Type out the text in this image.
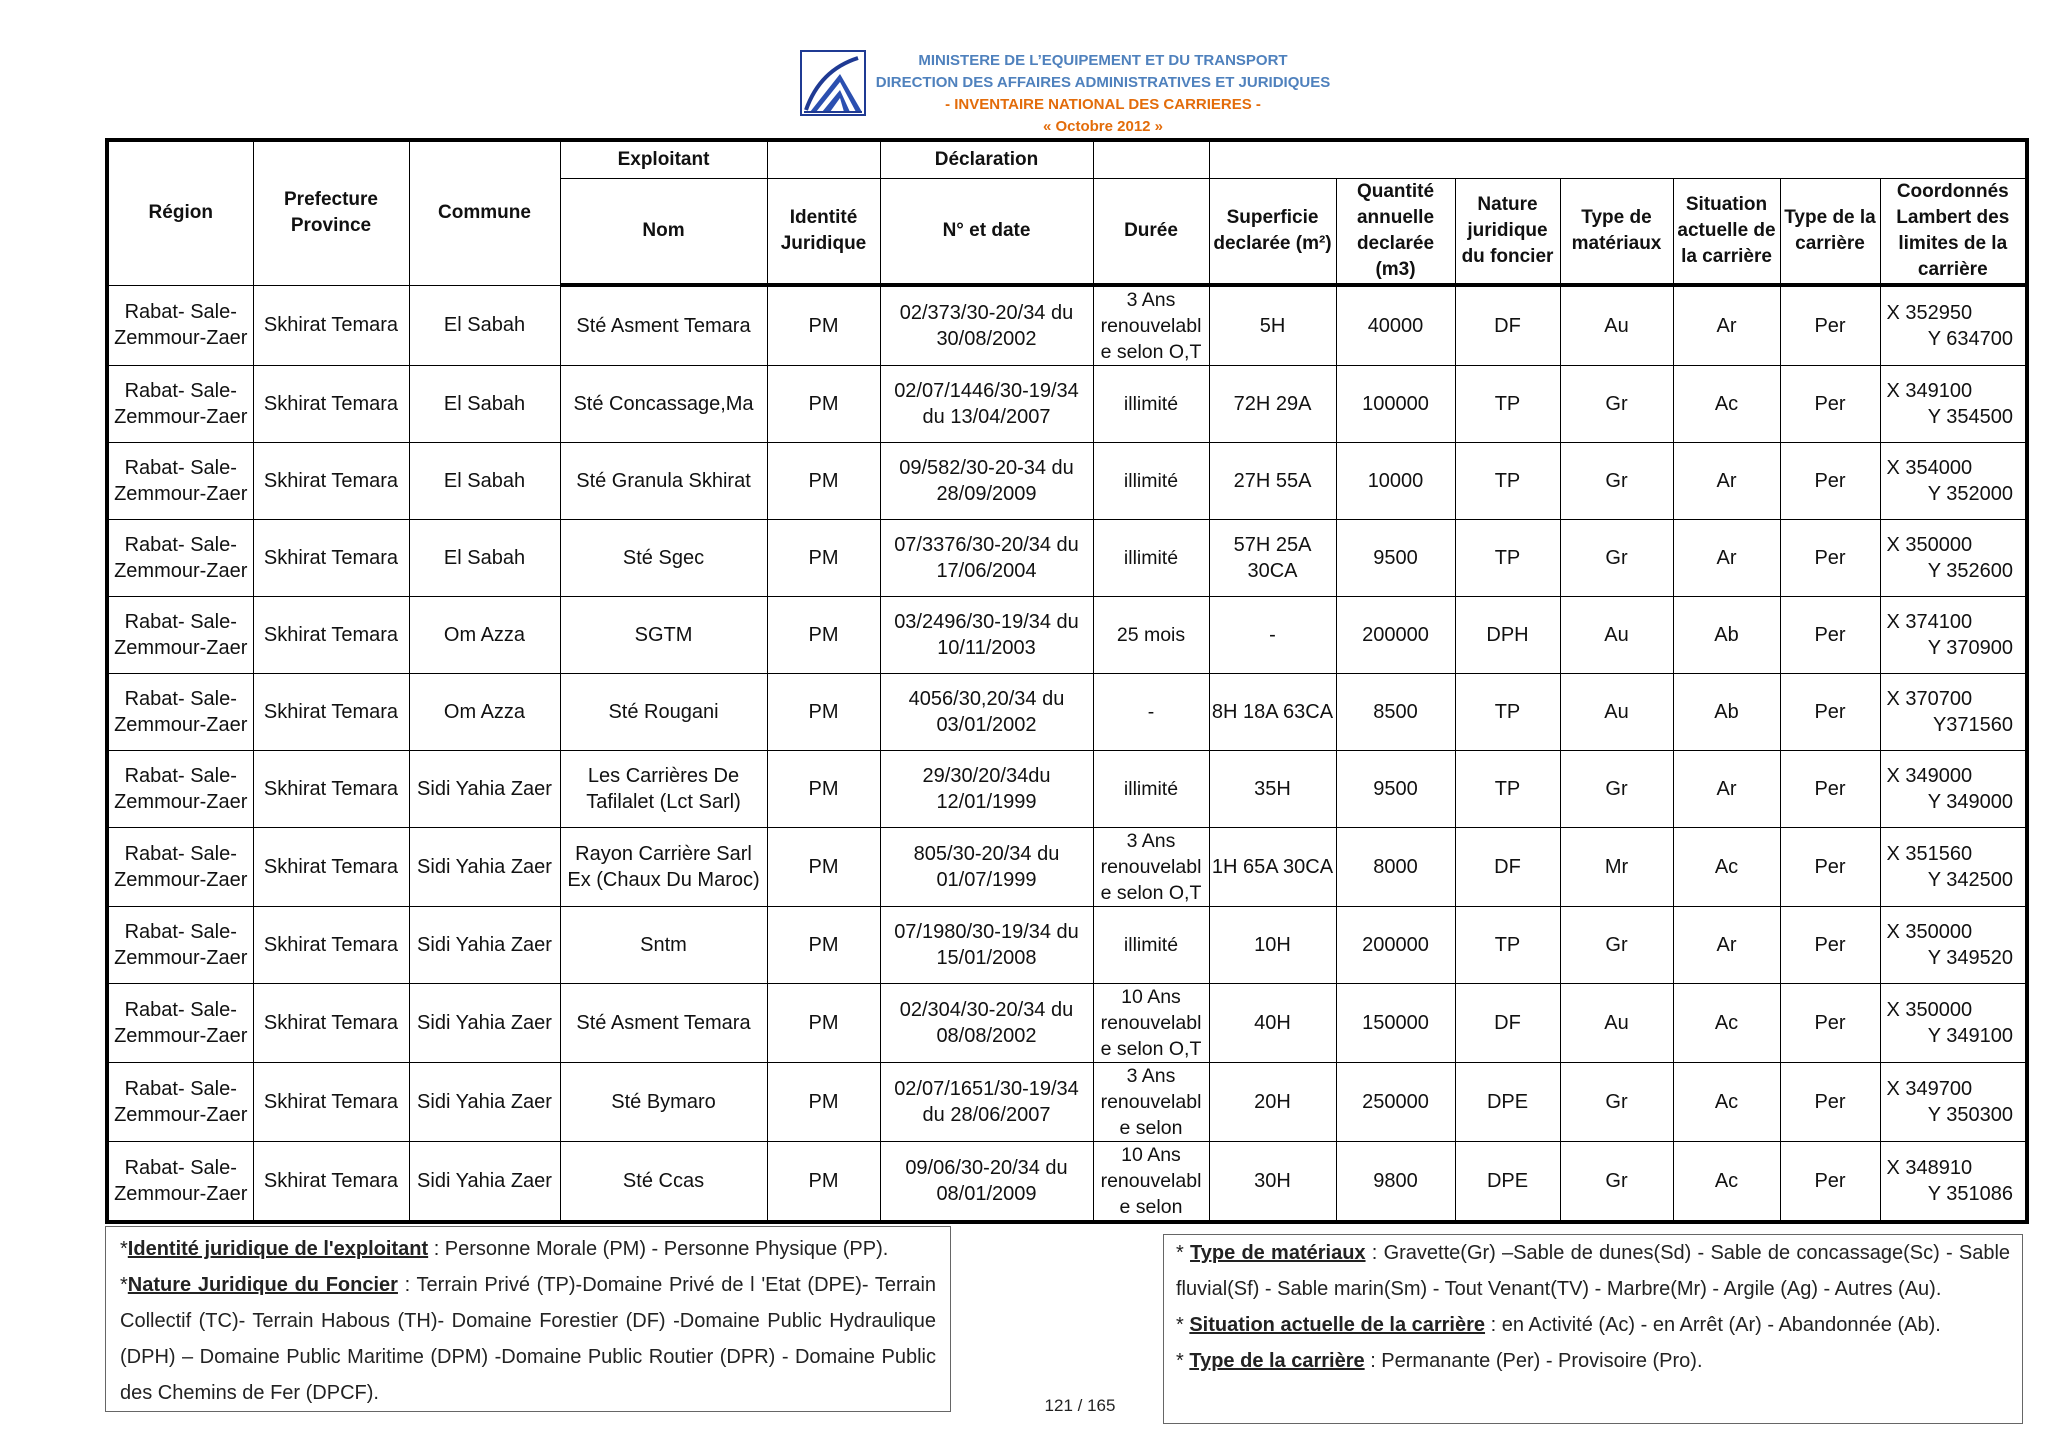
MINISTERE DE L’EQUIPEMENT ET DU TRANSPORT
DIRECTION DES AFFAIRES ADMINISTRATIVES ET JURIDIQUES
- INVENTAIRE NATIONAL DES CARRIERES -
« Octobre 2012 »
Région	Prefecture Province	Commune	Exploitant		Déclaration								
			Nom	Identité Juridique	N° et date	Durée	Superficie declarée (m²)	Quantité annuelle declarée (m3)	Nature juridique du foncier	Type de matériaux	Situation actuelle de la carrière	Type de la carrière	Coordonnés Lambert des limites de la carrière
Rabat- Sale- Zemmour-Zaer	Skhirat Temara	El Sabah	Sté Asment Temara	PM	02/373/30-20/34 du 30/08/2002	3 Ans renouvelabl e selon O,T	5H	40000	DF	Au	Ar	Per	X 352950
Y 634700

Rabat- Sale- Zemmour-Zaer	Skhirat Temara	El Sabah	Sté Concassage,Ma	PM	02/07/1446/30-19/34 du 13/04/2007	illimité	72H 29A	100000	TP	Gr	Ac	Per	X 349100
Y 354500

Rabat- Sale- Zemmour-Zaer	Skhirat Temara	El Sabah	Sté Granula Skhirat	PM	09/582/30-20-34 du 28/09/2009	illimité	27H 55A	10000	TP	Gr	Ar	Per	X 354000
Y 352000

Rabat- Sale- Zemmour-Zaer	Skhirat Temara	El Sabah	Sté Sgec	PM	07/3376/30-20/34 du 17/06/2004	illimité	57H 25A 30CA	9500	TP	Gr	Ar	Per	X 350000
Y 352600

Rabat- Sale- Zemmour-Zaer	Skhirat Temara	Om Azza	SGTM	PM	03/2496/30-19/34 du 10/11/2003	25 mois	-	200000	DPH	Au	Ab	Per	X 374100
Y 370900

Rabat- Sale- Zemmour-Zaer	Skhirat Temara	Om Azza	Sté Rougani	PM	4056/30,20/34 du 03/01/2002	-	8H 18A 63CA	8500	TP	Au	Ab	Per	X 370700
Y371560

Rabat- Sale- Zemmour-Zaer	Skhirat Temara	Sidi Yahia Zaer	Les Carrières De Tafilalet (Lct Sarl)	PM	29/30/20/34du 12/01/1999	illimité	35H	9500	TP	Gr	Ar	Per	X 349000
Y 349000

Rabat- Sale- Zemmour-Zaer	Skhirat Temara	Sidi Yahia Zaer	Rayon Carrière Sarl Ex (Chaux Du Maroc)	PM	805/30-20/34 du 01/07/1999	3 Ans renouvelabl e selon O,T	1H 65A 30CA	8000	DF	Mr	Ac	Per	X 351560
Y 342500

Rabat- Sale- Zemmour-Zaer	Skhirat Temara	Sidi Yahia Zaer	Sntm	PM	07/1980/30-19/34 du 15/01/2008	illimité	10H	200000	TP	Gr	Ar	Per	X 350000
Y 349520

Rabat- Sale- Zemmour-Zaer	Skhirat Temara	Sidi Yahia Zaer	Sté Asment Temara	PM	02/304/30-20/34 du 08/08/2002	10 Ans renouvelabl e selon O,T	40H	150000	DF	Au	Ac	Per	X 350000
Y 349100

Rabat- Sale- Zemmour-Zaer	Skhirat Temara	Sidi Yahia Zaer	Sté Bymaro	PM	02/07/1651/30-19/34 du 28/06/2007	3 Ans renouvelabl e selon	20H	250000	DPE	Gr	Ac	Per	X 349700
Y 350300

Rabat- Sale- Zemmour-Zaer	Skhirat Temara	Sidi Yahia Zaer	Sté Ccas	PM	09/06/30-20/34 du 08/01/2009	10 Ans renouvelabl e selon	30H	9800	DPE	Gr	Ac	Per	X 348910
Y 351086

*Identité juridique de l'exploitant : Personne Morale (PM) - Personne Physique (PP).

*Nature Juridique du Foncier : Terrain Privé (TP)-Domaine Privé de l 'Etat (DPE)- Terrain Collectif (TC)- Terrain Habous (TH)- Domaine Forestier (DF) -Domaine Public Hydraulique (DPH) – Domaine Public Maritime (DPM) -Domaine Public Routier (DPR) - Domaine Public des Chemins de Fer (DPCF).

* Type de matériaux : Gravette(Gr) –Sable de dunes(Sd) - Sable de concassage(Sc) - Sable fluvial(Sf) - Sable marin(Sm) - Tout Venant(TV) - Marbre(Mr) - Argile (Ag) - Autres (Au).

* Situation actuelle de la carrière : en Activité (Ac) - en Arrêt (Ar) - Abandonnée (Ab).

* Type de la carrière : Permanante (Per) - Provisoire (Pro).

121 / 165
